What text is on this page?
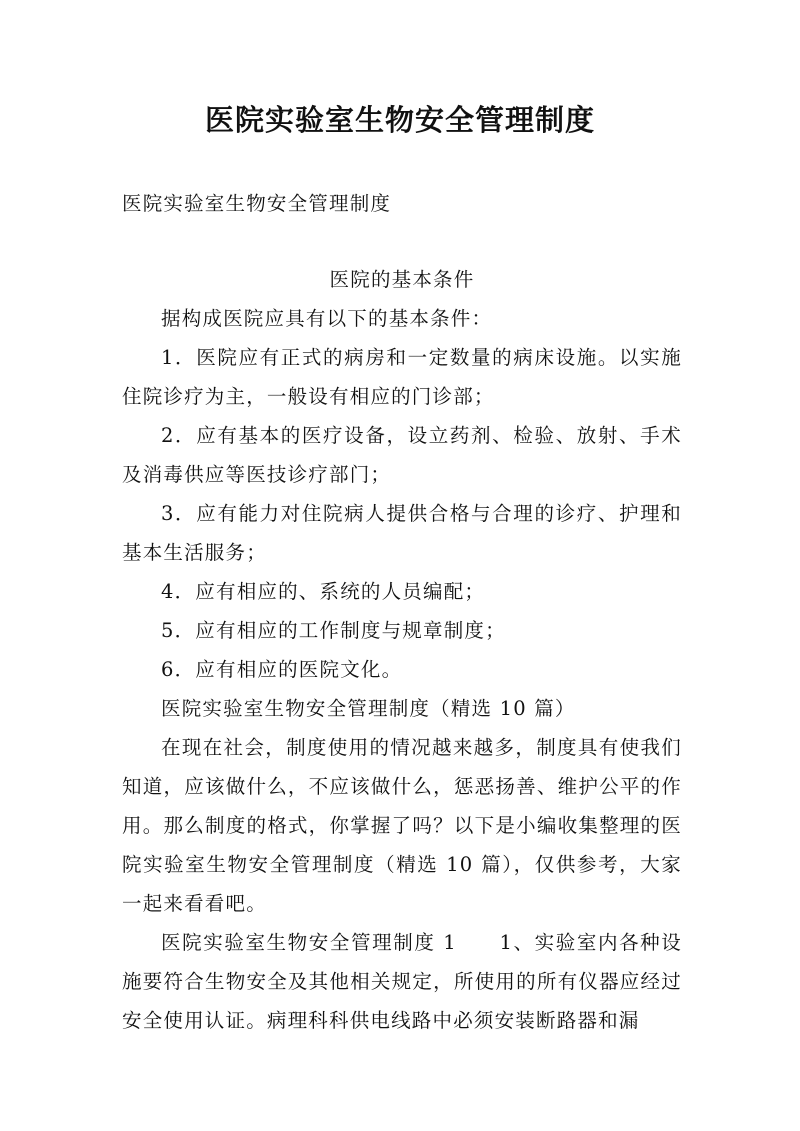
医院实验室生物安全管理制度

医院实验室生物安全管理制度

医院的基本条件

据构成医院应具有以下的基本条件：

1．医院应有正式的病房和一定数量的病床设施。以实施住院诊疗为主，一般设有相应的门诊部；

2．应有基本的医疗设备，设立药剂、检验、放射、手术及消毒供应等医技诊疗部门；

3．应有能力对住院病人提供合格与合理的诊疗、护理和基本生活服务；

4．应有相应的、系统的人员编配；

5．应有相应的工作制度与规章制度；

6．应有相应的医院文化。

医院实验室生物安全管理制度（精选 10 篇）

在现在社会，制度使用的情况越来越多，制度具有使我们知道，应该做什么，不应该做什么，惩恶扬善、维护公平的作用。那么制度的格式，你掌握了吗？以下是小编收集整理的医院实验室生物安全管理制度（精选 10 篇），仅供参考，大家一起来看看吧。

医院实验室生物安全管理制度 1　　1、实验室内各种设施要符合生物安全及其他相关规定，所使用的所有仪器应经过安全使用认证。病理科科供电线路中必须安装断路器和漏
